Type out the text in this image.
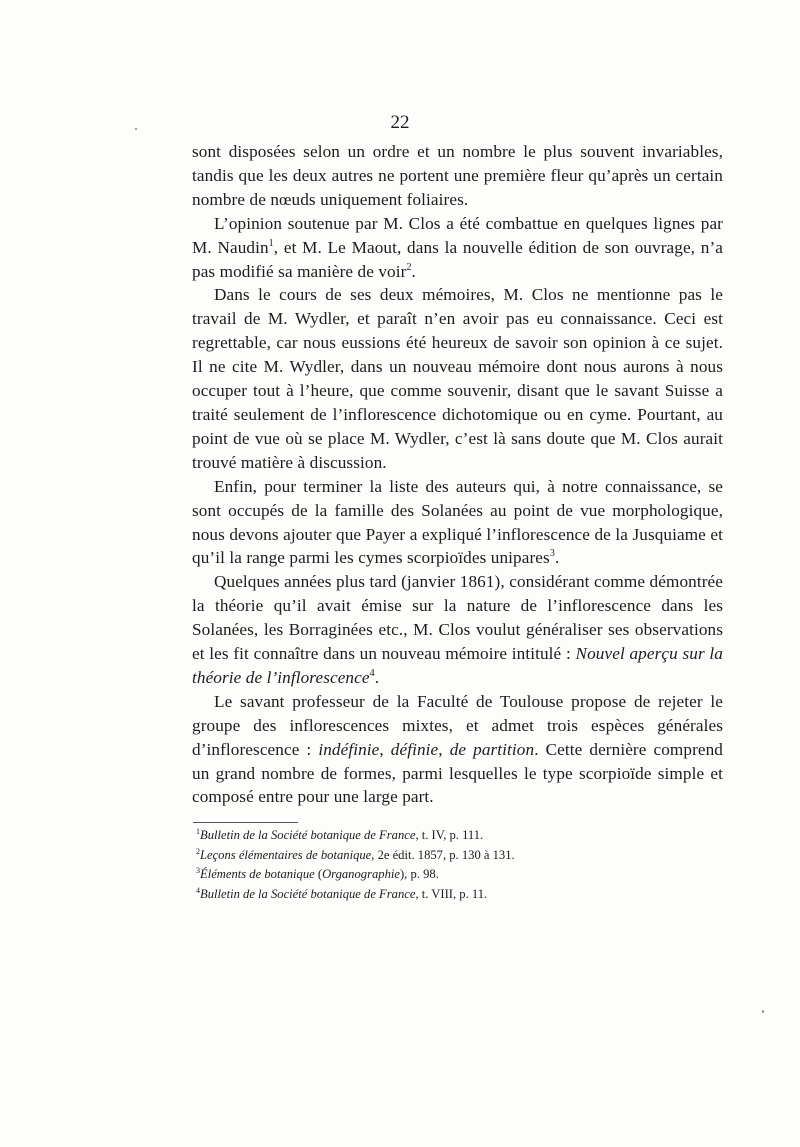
22

sont disposées selon un ordre et un nombre le plus souvent invariables, tandis que les deux autres ne portent une première fleur qu’après un certain nombre de nœuds uniquement foliaires.

L’opinion soutenue par M. Clos a été combattue en quelques lignes par M. Naudin$^1$, et M. Le Maout, dans la nouvelle édition de son ouvrage, n’a pas modifié sa manière de voir$^2$.

Dans le cours de ses deux mémoires, M. Clos ne mentionne pas le travail de M. Wydler, et paraît n’en avoir pas eu connaissance. Ceci est regrettable, car nous eussions été heureux de savoir son opinion à ce sujet. Il ne cite M. Wydler, dans un nouveau mémoire dont nous aurons à nous occuper tout à l’heure, que comme souvenir, disant que le savant Suisse a traité seulement de l’inflorescence dichotomique ou en cyme. Pourtant, au point de vue où se place M. Wydler, c’est là sans doute que M. Clos aurait trouvé matière à discussion.

Enfin, pour terminer la liste des auteurs qui, à notre connaissance, se sont occupés de la famille des Solanées au point de vue morphologique, nous devons ajouter que Payer a expliqué l’inflorescence de la Jusquiame et qu’il la range parmi les cymes scorpioïdes unipares$^3$.

Quelques années plus tard (janvier 1861), considérant comme démontrée la théorie qu’il avait émise sur la nature de l’inflorescence dans les Solanées, les Borraginées etc., M. Clos voulut généraliser ses observations et les fit connaître dans un nouveau mémoire intitulé : Nouvel aperçu sur la théorie de l’inflorescence$^4$.

Le savant professeur de la Faculté de Toulouse propose de rejeter le groupe des inflorescences mixtes, et admet trois espèces générales d’inflorescence : indéfinie, définie, de partition. Cette dernière comprend un grand nombre de formes, parmi lesquelles le type scorpioïde simple et composé entre pour une large part.

$^1$Bulletin de la Société botanique de France, t. IV, p. 111.
$^2$Leçons élémentaires de botanique, 2e édit. 1857, p. 130 à 131.
$^3$Éléments de botanique (Organographie), p. 98.
$^4$Bulletin de la Société botanique de France, t. VIII, p. 11.
